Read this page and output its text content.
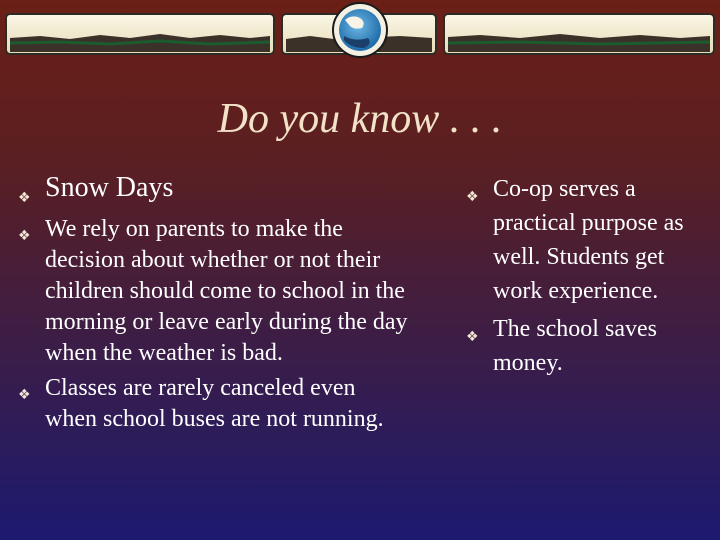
Do you know . . .
❖ Snow Days
❖ We rely on parents to make the decision about whether or not their children should come to school in the morning or leave early during the day when the weather is bad.
❖ Classes are rarely canceled even when school buses are not running.
❖ Co-op serves a practical purpose as well. Students get work experience.
❖ The school saves money.
